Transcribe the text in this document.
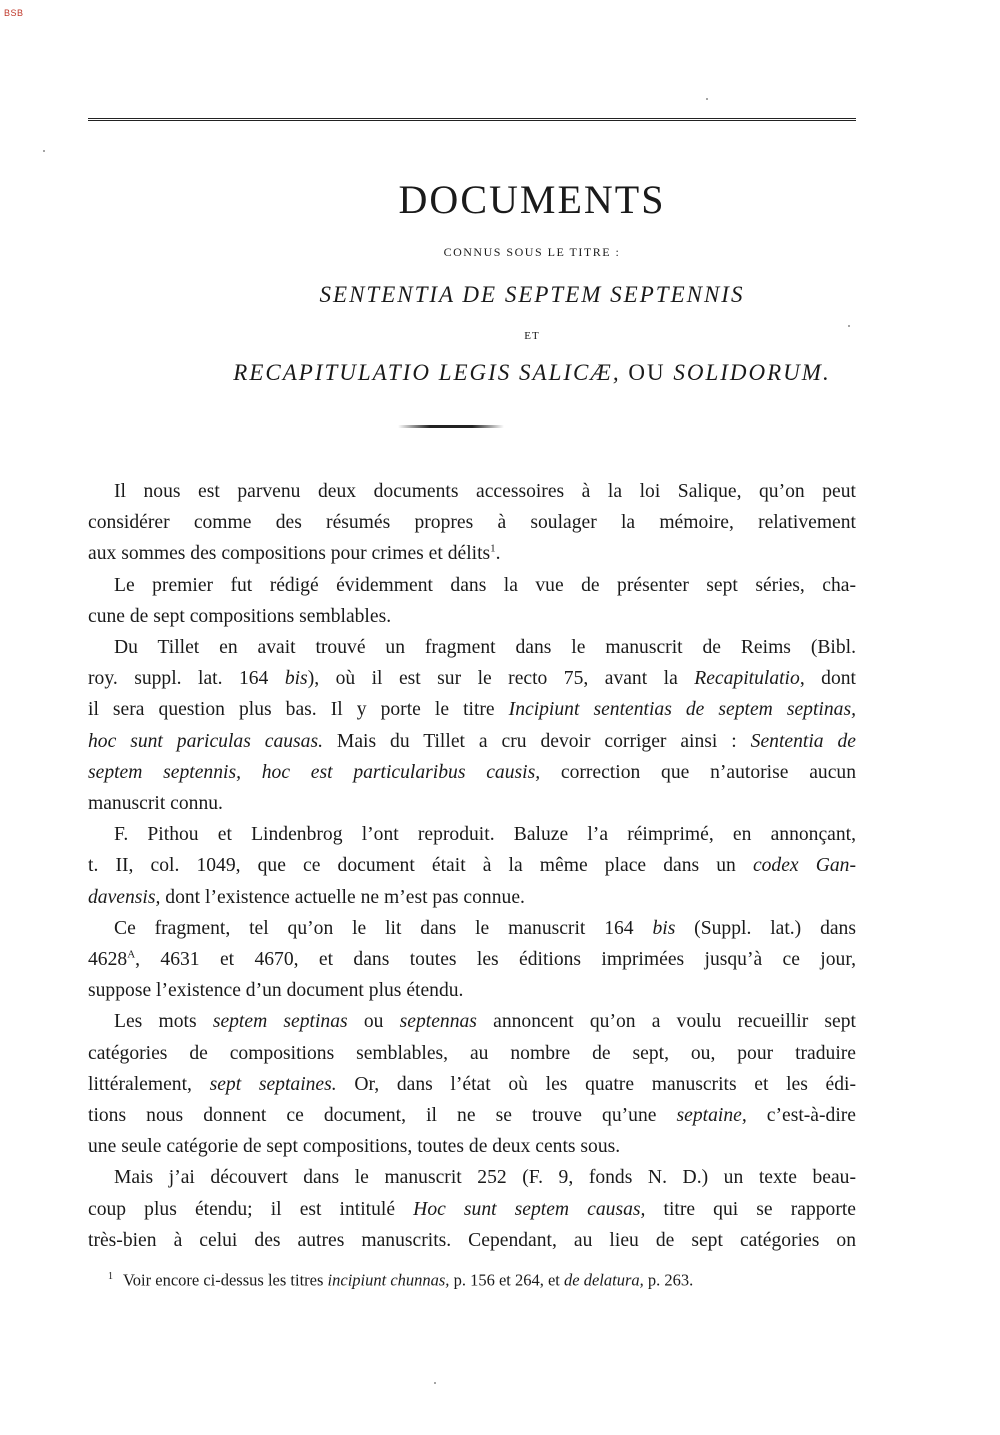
BSB
DOCUMENTS
CONNUS SOUS LE TITRE :
SENTENTIA DE SEPTEM SEPTENNIS
ET
RECAPITULATIO LEGIS SALICÆ, OU SOLIDORUM.
Il nous est parvenu deux documents accessoires à la loi Salique, qu’on peut
considérer comme des résumés propres à soulager la mémoire, relativement
aux sommes des compositions pour crimes et délits$^1$.
Le premier fut rédigé évidemment dans la vue de présenter sept séries, cha-
cune de sept compositions semblables.
Du Tillet en avait trouvé un fragment dans le manuscrit de Reims (Bibl.
roy. suppl. lat. 164 bis), où il est sur le recto 75, avant la Recapitulatio, dont
il sera question plus bas. Il y porte le titre Incipiunt sententias de septem septinas,
hoc sunt pariculas causas. Mais du Tillet a cru devoir corriger ainsi : Sententia de
septem septennis, hoc est particularibus causis, correction que n’autorise aucun
manuscrit connu.
F. Pithou et Lindenbrog l’ont reproduit. Baluze l’a réimprimé, en annonçant,
t. II, col. 1049, que ce document était à la même place dans un codex Gan-
davensis, dont l’existence actuelle ne m’est pas connue.
Ce fragment, tel qu’on le lit dans le manuscrit 164 bis (Suppl. lat.) dans
$4628^A$, 4631 et 4670, et dans toutes les éditions imprimées jusqu’à ce jour,
suppose l’existence d’un document plus étendu.
Les mots septem septinas ou septennas annoncent qu’on a voulu recueillir sept
catégories de compositions semblables, au nombre de sept, ou, pour traduire
littéralement, sept septaines. Or, dans l’état où les quatre manuscrits et les édi-
tions nous donnent ce document, il ne se trouve qu’une septaine, c’est-à-dire
une seule catégorie de sept compositions, toutes de deux cents sous.
Mais j’ai découvert dans le manuscrit 252 (F. 9, fonds N. D.) un texte beau-
coup plus étendu; il est intitulé Hoc sunt septem causas, titre qui se rapporte
très-bien à celui des autres manuscrits. Cependant, au lieu de sept catégories on
$^1$ Voir encore ci-dessus les titres incipiunt chunnas, p. 156 et 264, et de delatura, p. 263.
